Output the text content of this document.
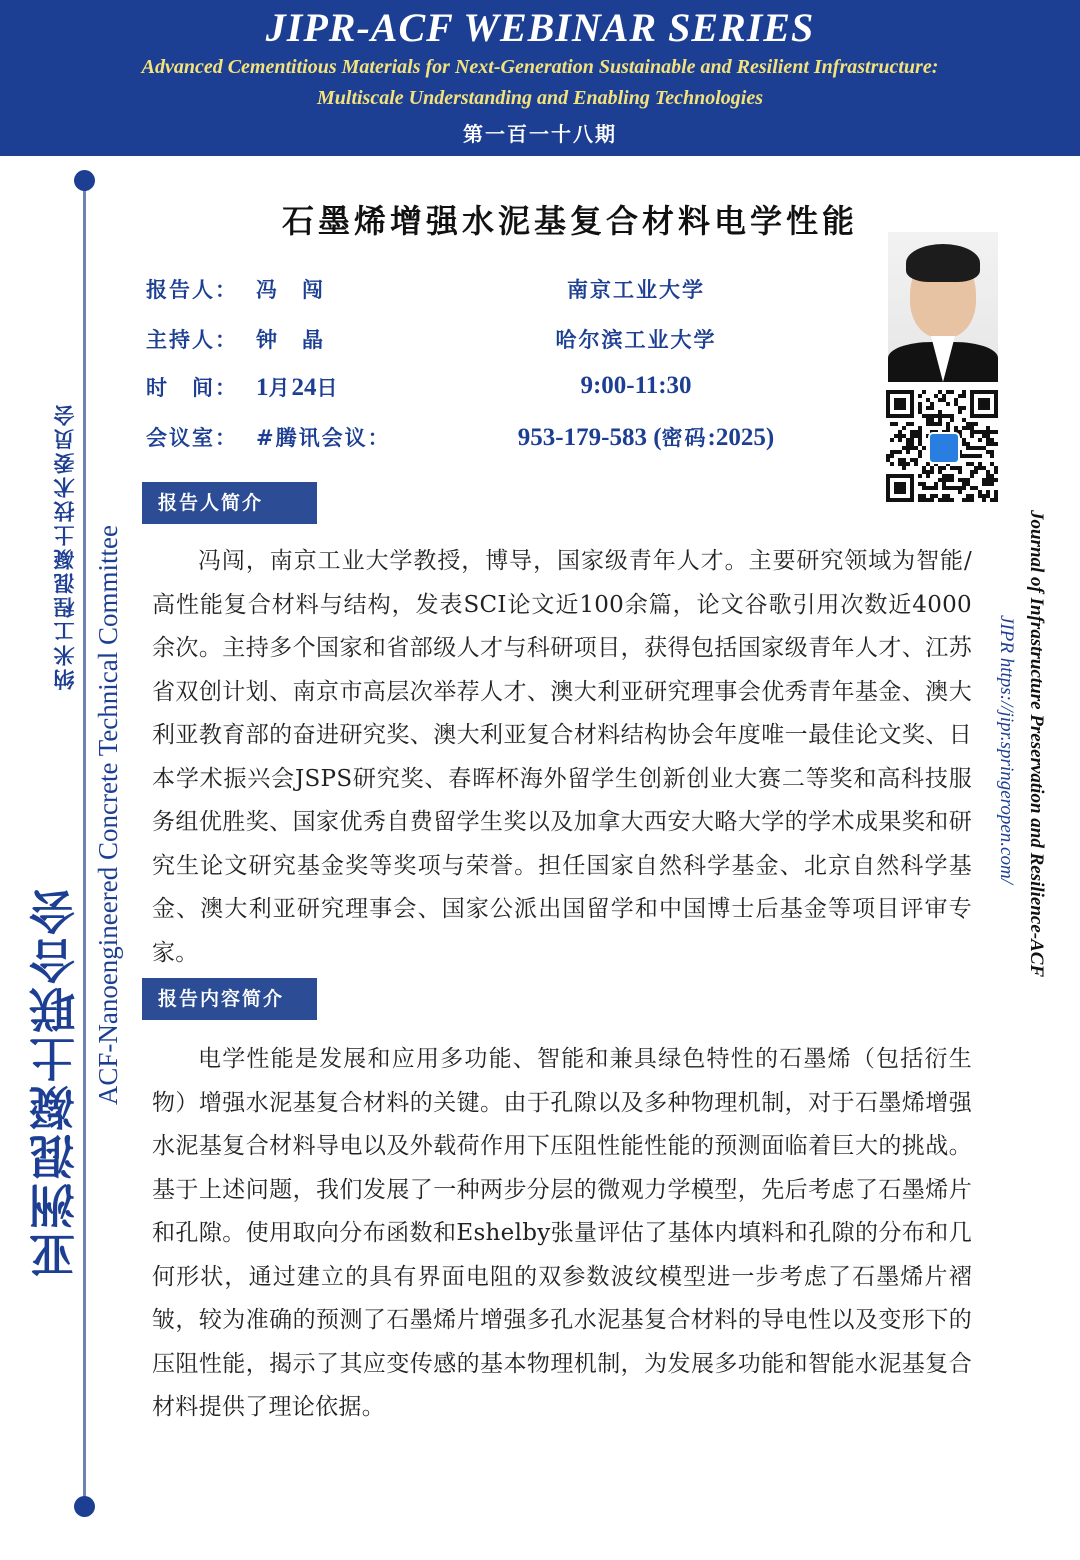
JIPR-ACF WEBINAR SERIES
Advanced Cementitious Materials for Next-Generation Sustainable and Resilient Infrastructure:
Multiscale Understanding and Enabling Technologies
第一百一十八期
亚洲混凝土联合会
纳米工程混凝土技术委员会 ACF-Nanoengineered Concrete Technical Committee	Journal of Infrastructure Preservation and Resilience-ACF
JIPR https://jipr.springeropen.com/
石墨烯增强水泥基复合材料电学性能
报告人： 冯　闯	南京工业大学
主持人： 钟　晶	哈尔滨工业大学
时　间： 1月24日	9:00-11:30
会议室： #腾讯会议：	953-179-583 (密码:2025)
报告人简介

冯闯，南京工业大学教授，博导，国家级青年人才。主要研究领域为智能/高性能复合材料与结构，发表SCI论文近100余篇，论文谷歌引用次数近4000余次。主持多个国家和省部级人才与科研项目，获得包括国家级青年人才、江苏省双创计划、南京市高层次举荐人才、澳大利亚研究理事会优秀青年基金、澳大利亚教育部的奋进研究奖、澳大利亚复合材料结构协会年度唯一最佳论文奖、日本学术振兴会JSPS研究奖、春晖杯海外留学生创新创业大赛二等奖和高科技服务组优胜奖、国家优秀自费留学生奖以及加拿大西安大略大学的学术成果奖和研究生论文研究基金奖等奖项与荣誉。担任国家自然科学基金、北京自然科学基金、澳大利亚研究理事会、国家公派出国留学和中国博士后基金等项目评审专家。

报告内容简介

电学性能是发展和应用多功能、智能和兼具绿色特性的石墨烯（包括衍生物）增强水泥基复合材料的关键。由于孔隙以及多种物理机制，对于石墨烯增强水泥基复合材料导电以及外载荷作用下压阻性能性能的预测面临着巨大的挑战。基于上述问题，我们发展了一种两步分层的微观力学模型，先后考虑了石墨烯片和孔隙。使用取向分布函数和Eshelby张量评估了基体内填料和孔隙的分布和几何形状，通过建立的具有界面电阻的双参数波纹模型进一步考虑了石墨烯片褶皱，较为准确的预测了石墨烯片增强多孔水泥基复合材料的导电性以及变形下的压阻性能，揭示了其应变传感的基本物理机制，为发展多功能和智能水泥基复合材料提供了理论依据。
